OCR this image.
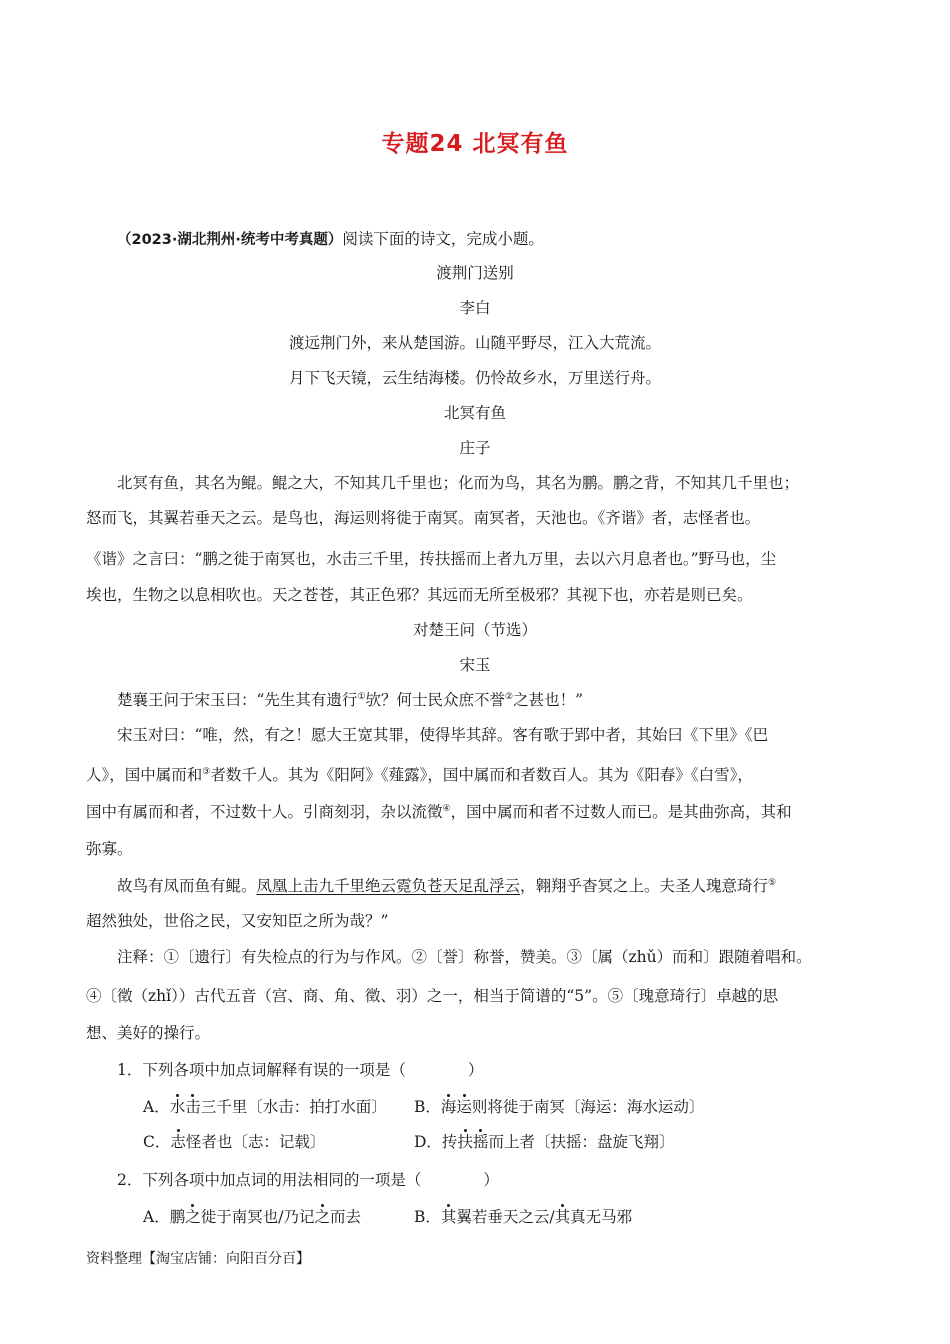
专题24 北冥有鱼
（2023·湖北荆州·统考中考真题）阅读下面的诗文，完成小题。
渡荆门送别
李白
渡远荆门外，来从楚国游。山随平野尽，江入大荒流。
月下飞天镜，云生结海楼。仍怜故乡水，万里送行舟。
北冥有鱼
庄子
北冥有鱼，其名为鲲。鲲之大，不知其几千里也；化而为鸟，其名为鹏。鹏之背，不知其几千里也；
怒而飞，其翼若垂天之云。是鸟也，海运则将徙于南冥。南冥者，天池也。《齐谐》者，志怪者也。
《谐》之言曰：“鹏之徙于南冥也，水击三千里，抟扶摇而上者九万里，去以六月息者也。”野马也，尘
埃也，生物之以息相吹也。天之苍苍，其正色邪？其远而无所至极邪？其视下也，亦若是则已矣。
对楚王问（节选）
宋玉
楚襄王问于宋玉曰：“先生其有遗行①欤？何士民众庶不誉②之甚也！”
宋玉对曰：“唯，然，有之！愿大王宽其罪，使得毕其辞。客有歌于郢中者，其始曰《下里》《巴
人》，国中属而和③者数千人。其为《阳阿》《薤露》，国中属而和者数百人。其为《阳春》《白雪》，
国中有属而和者，不过数十人。引商刻羽，杂以流徵④，国中属而和者不过数人而已。是其曲弥高，其和
弥寡。
故鸟有凤而鱼有鲲。凤凰上击九千里绝云霓负苍天足乱浮云，翱翔乎杳冥之上。夫圣人瑰意琦行⑤
超然独处，世俗之民，又安知臣之所为哉？”
注释：①〔遗行〕有失检点的行为与作风。②〔誉〕称誉，赞美。③〔属（zhǔ）而和〕跟随着唱和。
④〔徵（zhǐ））古代五音（宫、商、角、徵、羽）之一，相当于简谱的“5”。⑤〔瑰意琦行〕卓越的思
想、美好的操行。
1．下列各项中加点词解释有误的一项是（	）
A．水击三千里〔水击：拍打水面〕 B．海运则将徙于南冥〔海运：海水运动〕
C．志怪者也〔志：记载〕	D．抟扶摇而上者〔扶摇：盘旋飞翔〕
2．下列各项中加点词的用法相同的一项是（	）
A．鹏之徙于南冥也/乃记之而去	B．其翼若垂天之云/其真无马邪
资料整理【淘宝店铺：向阳百分百】
